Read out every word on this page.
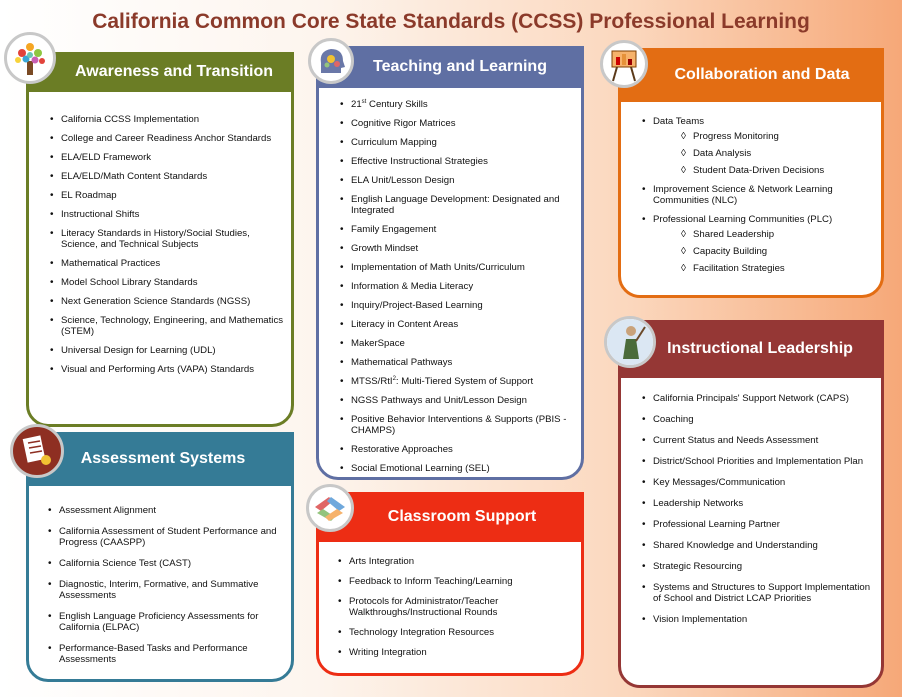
California Common Core State Standards (CCSS) Professional Learning
Awareness and Transition
• California CCSS Implementation
• College and Career Readiness Anchor Standards
• ELA/ELD Framework
• ELA/ELD/Math Content Standards
• EL Roadmap
• Instructional Shifts
• Literacy Standards in History/Social Studies, Science, and Technical Subjects
• Mathematical Practices
• Model School Library Standards
• Next Generation Science Standards (NGSS)
• Science, Technology, Engineering, and Mathematics (STEM)
• Universal Design for Learning (UDL)
• Visual and Performing Arts (VAPA) Standards
Teaching and Learning
• 21st Century Skills
• Cognitive Rigor Matrices
• Curriculum Mapping
• Effective Instructional Strategies
• ELA Unit/Lesson Design
• English Language Development: Designated and Integrated
• Family Engagement
• Growth Mindset
• Implementation of Math Units/Curriculum
• Information & Media Literacy
• Inquiry/Project-Based Learning
• Literacy in Content Areas
• MakerSpace
• Mathematical Pathways
• MTSS/RtI$^2$: Multi-Tiered System of Support
• NGSS Pathways and Unit/Lesson Design
• Positive Behavior Interventions & Supports (PBIS - CHAMPS)
• Restorative Approaches
• Social Emotional Learning (SEL)
Collaboration and Data
• Data Teams
◊ Progress Monitoring
◊ Data Analysis
◊ Student Data-Driven Decisions
• Improvement Science & Network Learning Communities (NLC)
• Professional Learning Communities (PLC)
◊ Shared Leadership
◊ Capacity Building
◊ Facilitation Strategies
Instructional Leadership
• California Principals' Support Network (CAPS)
• Coaching
• Current Status and Needs Assessment
• District/School Priorities and Implementation Plan
• Key Messages/Communication
• Leadership Networks
• Professional Learning Partner
• Shared Knowledge and Understanding
• Strategic Resourcing
• Systems and Structures to Support Implementation of School and District LCAP Priorities
• Vision Implementation
Assessment Systems
• Assessment Alignment
• California Assessment of Student Performance and Progress (CAASPP)
• California Science Test (CAST)
• Diagnostic, Interim, Formative, and Summative Assessments
• English Language Proficiency Assessments for California (ELPAC)
• Performance-Based Tasks and Performance Assessments
Classroom Support
• Arts Integration
• Feedback to Inform Teaching/Learning
• Protocols for Administrator/Teacher Walkthroughs/Instructional Rounds
• Technology Integration Resources
• Writing Integration
